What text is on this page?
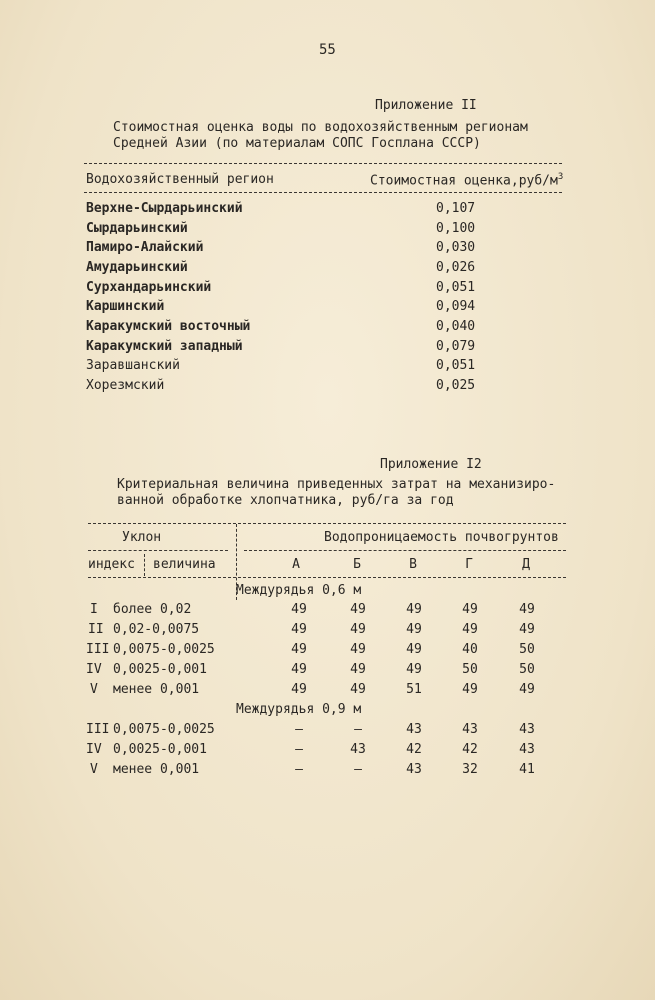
55
Приложение II
Стоимостная оценка воды по водохозяйственным регионам
Средней Азии (по материалам СОПС Госплана СССР)
Водохозяйственный регион	Стоимостная $оценка,руб/м^3$
Верхне-Сырдарьинский	0,107
Сырдарьинский	0,100
Памиро-Алайский	0,030
Амударьинский	0,026
Сурхандарьинский	0,051
Каршинский	0,094
Каракумский восточный	0,040
Каракумский западный	0,079
Заравшанский	0,051
Хорезмский	0,025
Приложение I2
Критериальная величина приведенных затрат на механизиро-
ванной обработке хлопчатника, руб/га за год
Уклон	Водопроницаемость почвогрунтов
индекс величина	А	Б	В	Г	Д
Междурядья 0,6 м
I более 0,02	49	49	49	49	49
II 0,02-0,0075	49	49	49	49	49
III 0,0075-0,0025	49	49	49	40	50
IV 0,0025-0,001	49	49	49	50	50
V менее 0,001	49	49	51	49	49
Междурядья 0,9 м
III 0,0075-0,0025	–	–	43	43	43
IV 0,0025-0,001	–	43	42	42	43
V менее 0,001	–	–	43	32	41
